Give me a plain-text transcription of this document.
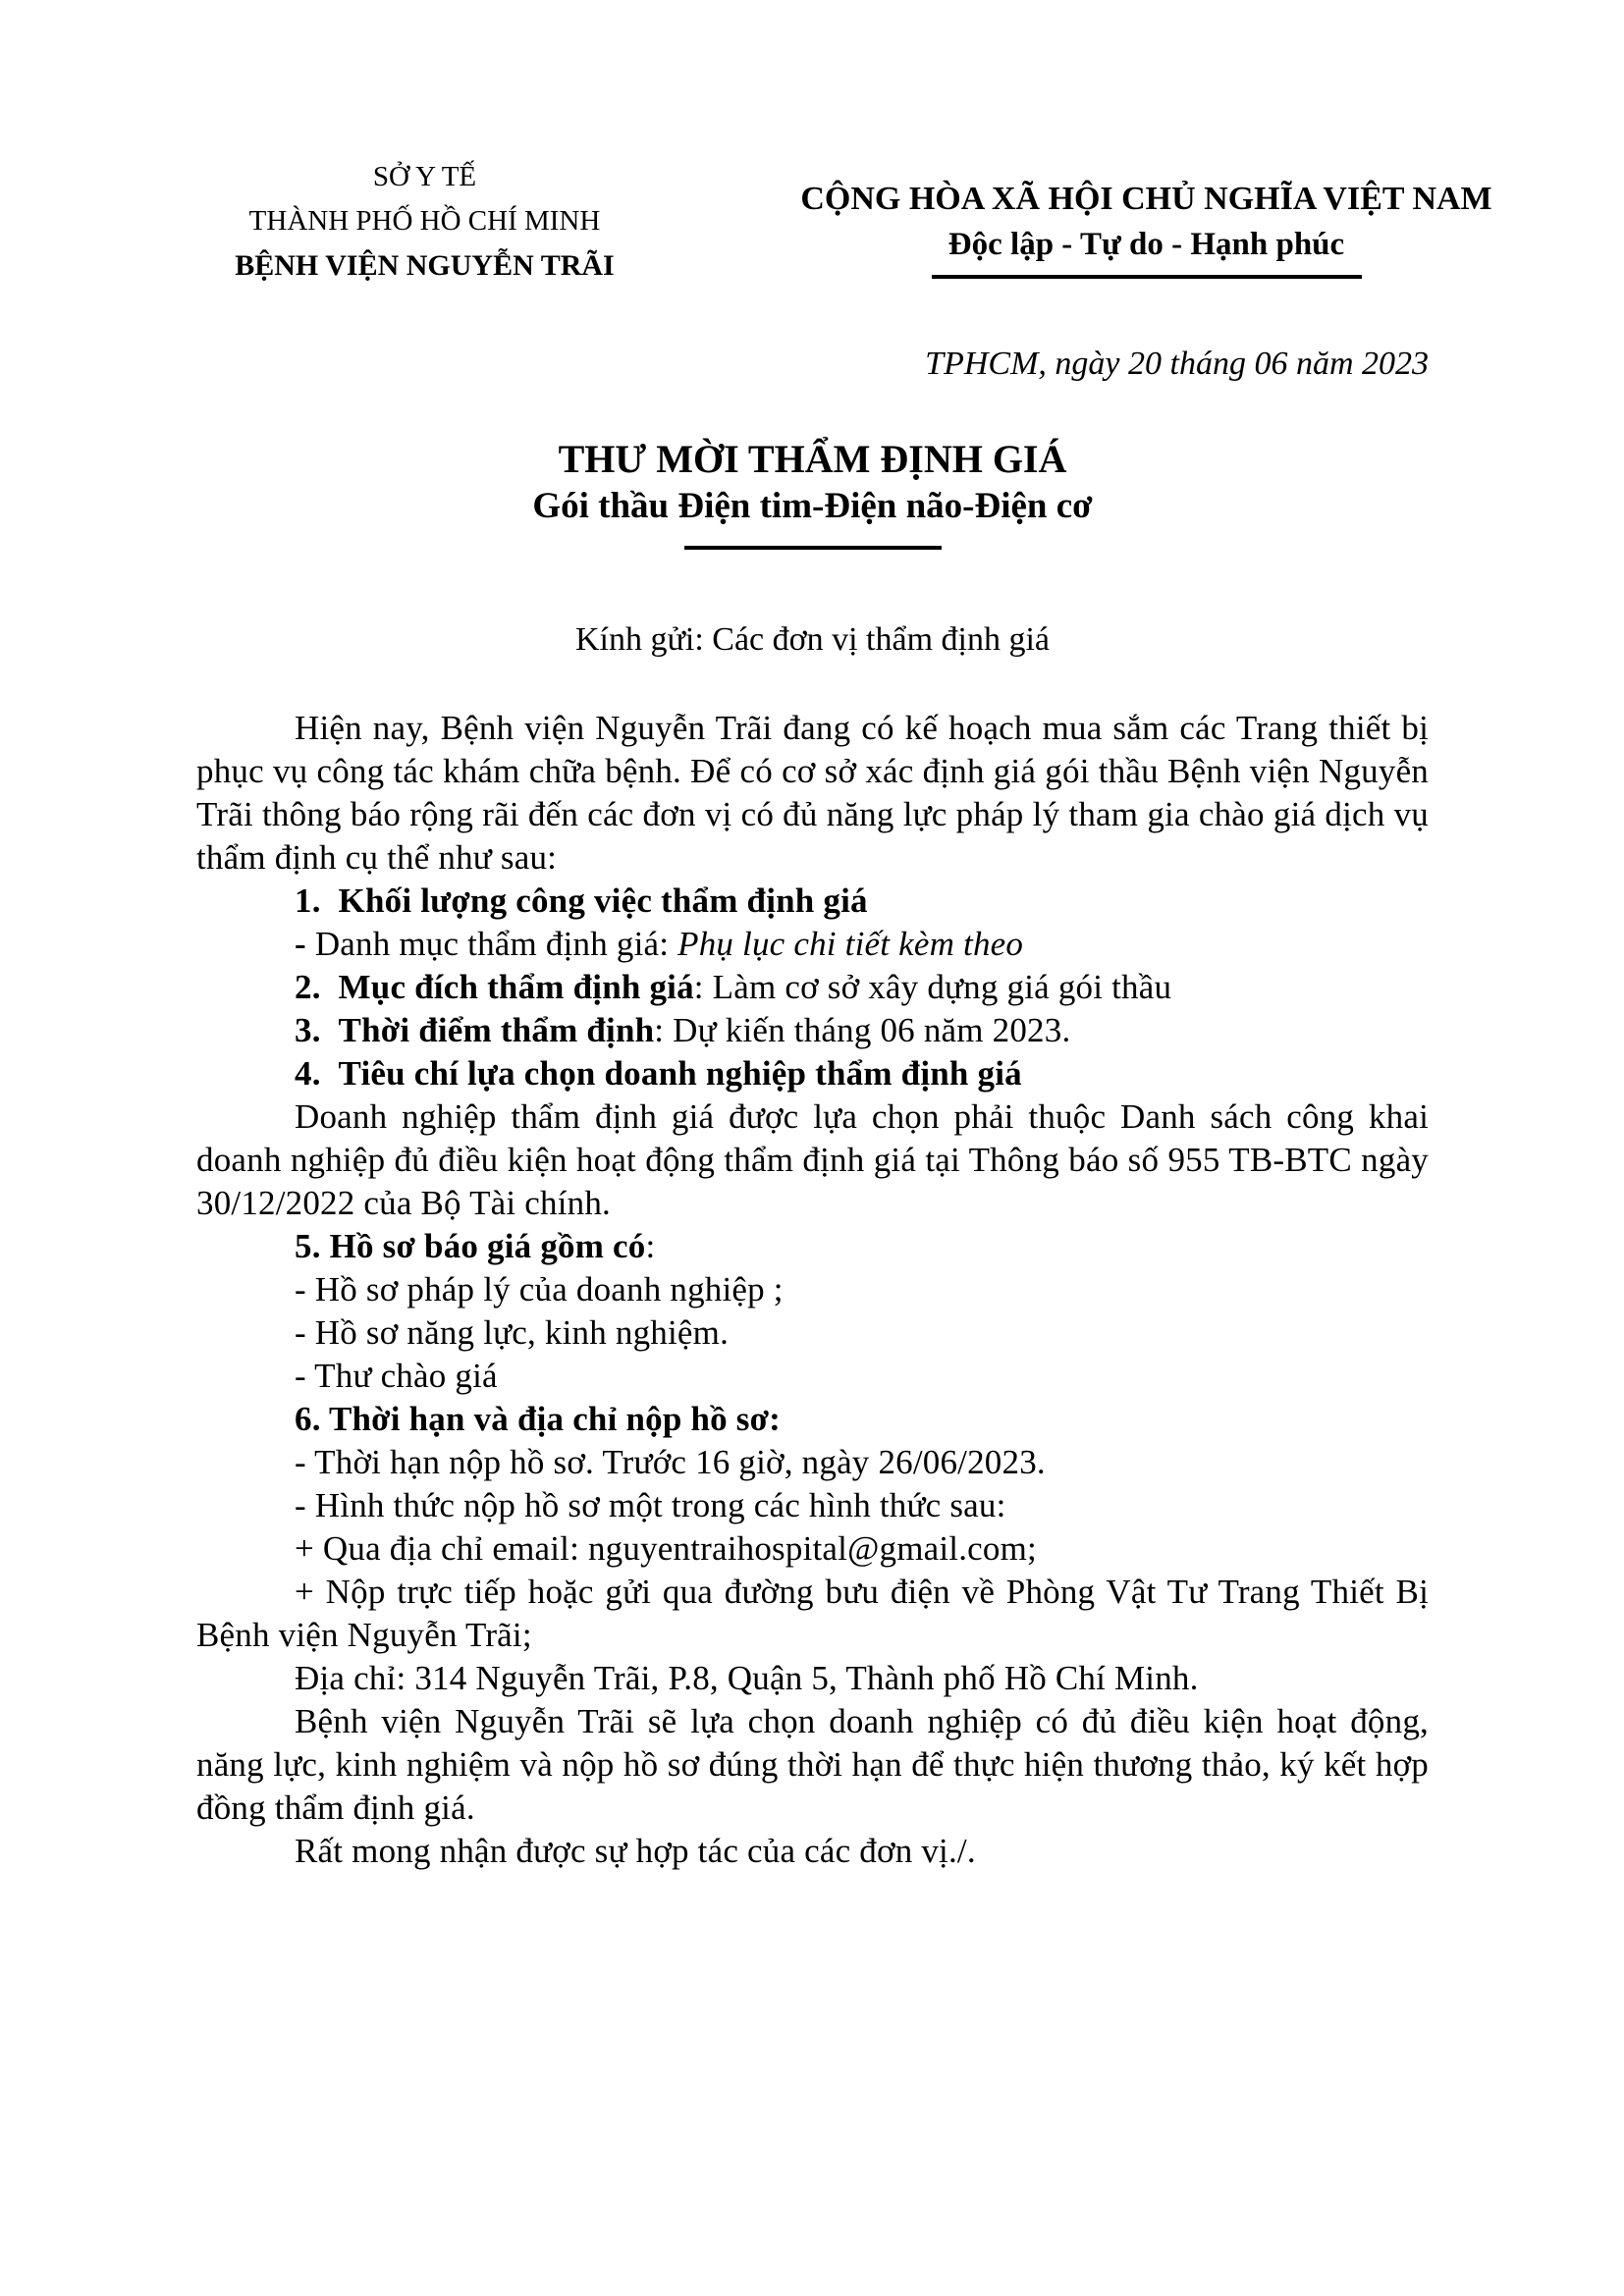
SỞ Y TẾ
THÀNH PHỐ HỒ CHÍ MINH
BỆNH VIỆN NGUYỄN TRÃI
CỘNG HÒA XÃ HỘI CHỦ NGHĨA VIỆT NAM
Độc lập - Tự do - Hạnh phúc
TPHCM, ngày 20 tháng 06 năm 2023
THƯ MỜI THẨM ĐỊNH GIÁ
Gói thầu Điện tim-Điện não-Điện cơ
Kính gửi: Các đơn vị thẩm định giá

Hiện nay, Bệnh viện Nguyễn Trãi đang có kế hoạch mua sắm các Trang thiết bị phục vụ công tác khám chữa bệnh. Để có cơ sở xác định giá gói thầu Bệnh viện Nguyễn Trãi thông báo rộng rãi đến các đơn vị có đủ năng lực pháp lý tham gia chào giá dịch vụ thẩm định cụ thể như sau:

1.  Khối lượng công việc thẩm định giá

- Danh mục thẩm định giá: Phụ lục chi tiết kèm theo

2.  Mục đích thẩm định giá: Làm cơ sở xây dựng giá gói thầu

3.  Thời điểm thẩm định: Dự kiến tháng 06 năm 2023.

4.  Tiêu chí lựa chọn doanh nghiệp thẩm định giá

Doanh nghiệp thẩm định giá được lựa chọn phải thuộc Danh sách công khai doanh nghiệp đủ điều kiện hoạt động thẩm định giá tại Thông báo số 955 TB-BTC ngày 30/12/2022 của Bộ Tài chính.

5. Hồ sơ báo giá gồm có:

- Hồ sơ pháp lý của doanh nghiệp ;

- Hồ sơ năng lực, kinh nghiệm.

- Thư chào giá

6. Thời hạn và địa chỉ nộp hồ sơ:

- Thời hạn nộp hồ sơ. Trước 16 giờ, ngày 26/06/2023.

- Hình thức nộp hồ sơ một trong các hình thức sau:

+ Qua địa chỉ email: nguyentraihospital@gmail.com;

+ Nộp trực tiếp hoặc gửi qua đường bưu điện về Phòng Vật Tư Trang Thiết Bị Bệnh viện Nguyễn Trãi;

Địa chỉ: 314 Nguyễn Trãi, P.8, Quận 5, Thành phố Hồ Chí Minh.

Bệnh viện Nguyễn Trãi sẽ lựa chọn doanh nghiệp có đủ điều kiện hoạt động, năng lực, kinh nghiệm và nộp hồ sơ đúng thời hạn để thực hiện thương thảo, ký kết hợp đồng thẩm định giá.

Rất mong nhận được sự hợp tác của các đơn vị./.
